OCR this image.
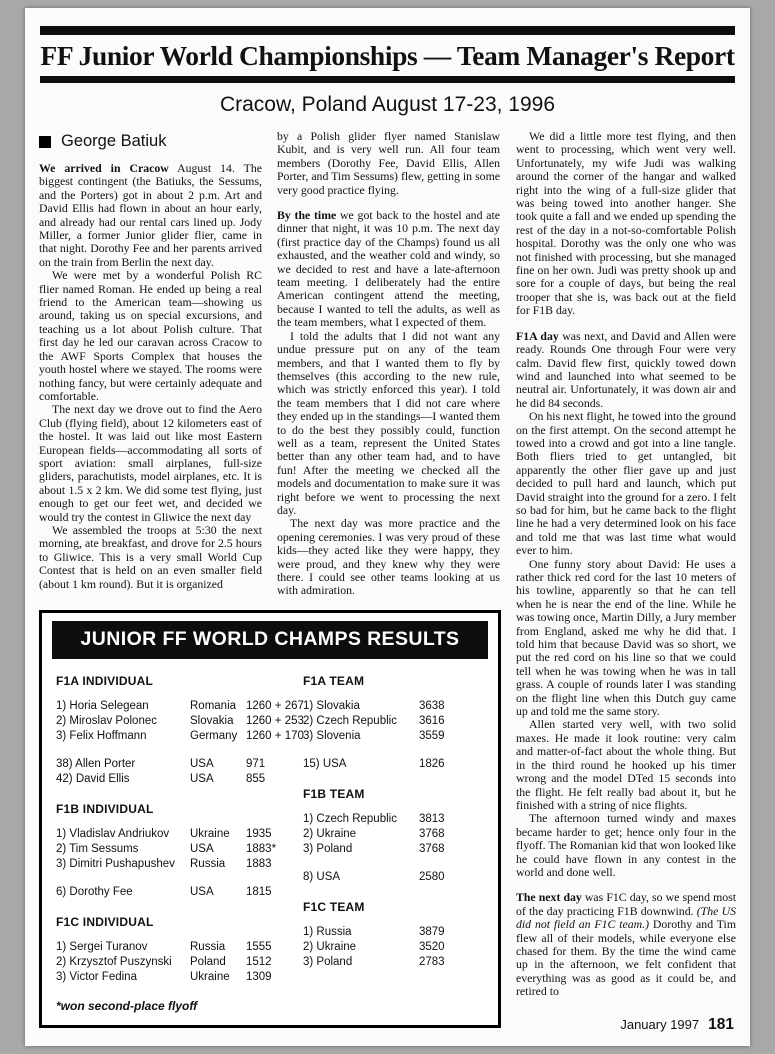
FF Junior World Championships — Team Manager's Report
Cracow, Poland August 17-23, 1996
George Batiuk

We arrived in Cracow August 14. The biggest contingent (the Batiuks, the Sessums, and the Porters) got in about 2 p.m. Art and David Ellis had flown in about an hour early, and already had our rental cars lined up. Jody Miller, a former Junior glider flier, came in that night. Dorothy Fee and her parents arrived on the train from Berlin the next day.

We were met by a wonderful Polish RC flier named Roman. He ended up being a real friend to the American team—showing us around, taking us on special excursions, and teaching us a lot about Polish culture. That first day he led our caravan across Cracow to the AWF Sports Complex that houses the youth hostel where we stayed. The rooms were nothing fancy, but were certainly adequate and comfortable.

The next day we drove out to find the Aero Club (flying field), about 12 kilometers east of the hostel. It was laid out like most Eastern European fields—accommodating all sorts of sport aviation: small airplanes, full-size gliders, parachutists, model airplanes, etc. It is about 1.5 x 2 km. We did some test flying, just enough to get our feet wet, and decided we would try the contest in Gliwice the next day

We assembled the troops at 5:30 the next morning, ate breakfast, and drove for 2.5 hours to Gliwice. This is a very small World Cup Contest that is held on an even smaller field (about 1 km round). But it is organized

by a Polish glider flyer named Stanislaw Kubit, and is very well run. All four team members (Dorothy Fee, David Ellis, Allen Porter, and Tim Sessums) flew, getting in some very good practice flying.

By the time we got back to the hostel and ate dinner that night, it was 10 p.m. The next day (first practice day of the Champs) found us all exhausted, and the weather cold and windy, so we decided to rest and have a late-afternoon team meeting. I deliberately had the entire American contingent attend the meeting, because I wanted to tell the adults, as well as the team members, what I expected of them.

I told the adults that I did not want any undue pressure put on any of the team members, and that I wanted them to fly by themselves (this according to the new rule, which was strictly enforced this year). I told the team members that I did not care where they ended up in the standings—I wanted them to do the best they possibly could, function well as a team, represent the United States better than any other team had, and to have fun! After the meeting we checked all the models and documentation to make sure it was right before we went to processing the next day.

The next day was more practice and the opening ceremonies. I was very proud of these kids—they acted like they were happy, they were proud, and they knew why they were there. I could see other teams looking at us with admiration.

JUNIOR FF WORLD CHAMPS RESULTS
F1A INDIVIDUAL
1) Horia Selegean	Romania 1260 + 267
2) Miroslav Polonec	Slovakia	1260 + 253
3) Felix Hoffmann	Germany 1260 + 170
38) Allen Porter	USA	971
42) David Ellis	USA	855
F1B INDIVIDUAL
1) Vladislav Andriukov	Ukraine	1935
2) Tim Sessums	USA	1883*
3) Dimitri Pushapushev	Russia	1883
6) Dorothy Fee	USA	1815
F1C INDIVIDUAL
1) Sergei Turanov	Russia	1555
2) Krzysztof Puszynski	Poland	1512
3) Victor Fedina	Ukraine	1309
F1A TEAM
1) Slovakia	3638
2) Czech Republic	3616
3) Slovenia	3559
15) USA	1826
F1B TEAM
1) Czech Republic	3813
2) Ukraine	3768
3) Poland	3768
8) USA	2580
F1C TEAM
1) Russia	3879
2) Ukraine	3520
3) Poland	2783
*won second-place flyoff

We did a little more test flying, and then went to processing, which went very well. Unfortunately, my wife Judi was walking around the corner of the hangar and walked right into the wing of a full-size glider that was being towed into another hanger. She took quite a fall and we ended up spending the rest of the day in a not-so-comfortable Polish hospital. Dorothy was the only one who was not finished with processing, but she managed fine on her own. Judi was pretty shook up and sore for a couple of days, but being the real trooper that she is, was back out at the field for F1B day.

F1A day was next, and David and Allen were ready. Rounds One through Four were very calm. David flew first, quickly towed down wind and launched into what seemed to be neutral air. Unfortunately, it was down air and he did 84 seconds.

On his next flight, he towed into the ground on the first attempt. On the second attempt he towed into a crowd and got into a line tangle. Both fliers tried to get untangled, bit apparently the other flier gave up and just decided to pull hard and launch, which put David straight into the ground for a zero. I felt so bad for him, but he came back to the flight line he had a very determined look on his face and told me that was last time what would ever to him.

One funny story about David: He uses a rather thick red cord for the last 10 meters of his towline, apparently so that he can tell when he is near the end of the line. While he was towing once, Martin Dilly, a Jury member from England, asked me why he did that. I told him that because David was so short, we put the red cord on his line so that we could tell when he was towing when he was in tall grass. A couple of rounds later I was standing on the flight line when this Dutch guy came up and told me the same story.

Allen started very well, with two solid maxes. He made it look routine: very calm and matter-of-fact about the whole thing. But in the third round he hooked up his timer wrong and the model DTed 15 seconds into the flight. He felt really bad about it, but he finished with a string of nice flights.

The afternoon turned windy and maxes became harder to get; hence only four in the flyoff. The Romanian kid that won looked like he could have flown in any contest in the world and done well.

The next day was F1C day, so we spend most of the day practicing F1B downwind. (The US did not field an F1C team.) Dorothy and Tim flew all of their models, while everyone else chased for them. By the time the wind came up in the afternoon, we felt confident that everything was as good as it could be, and retired to

January 1997 181
